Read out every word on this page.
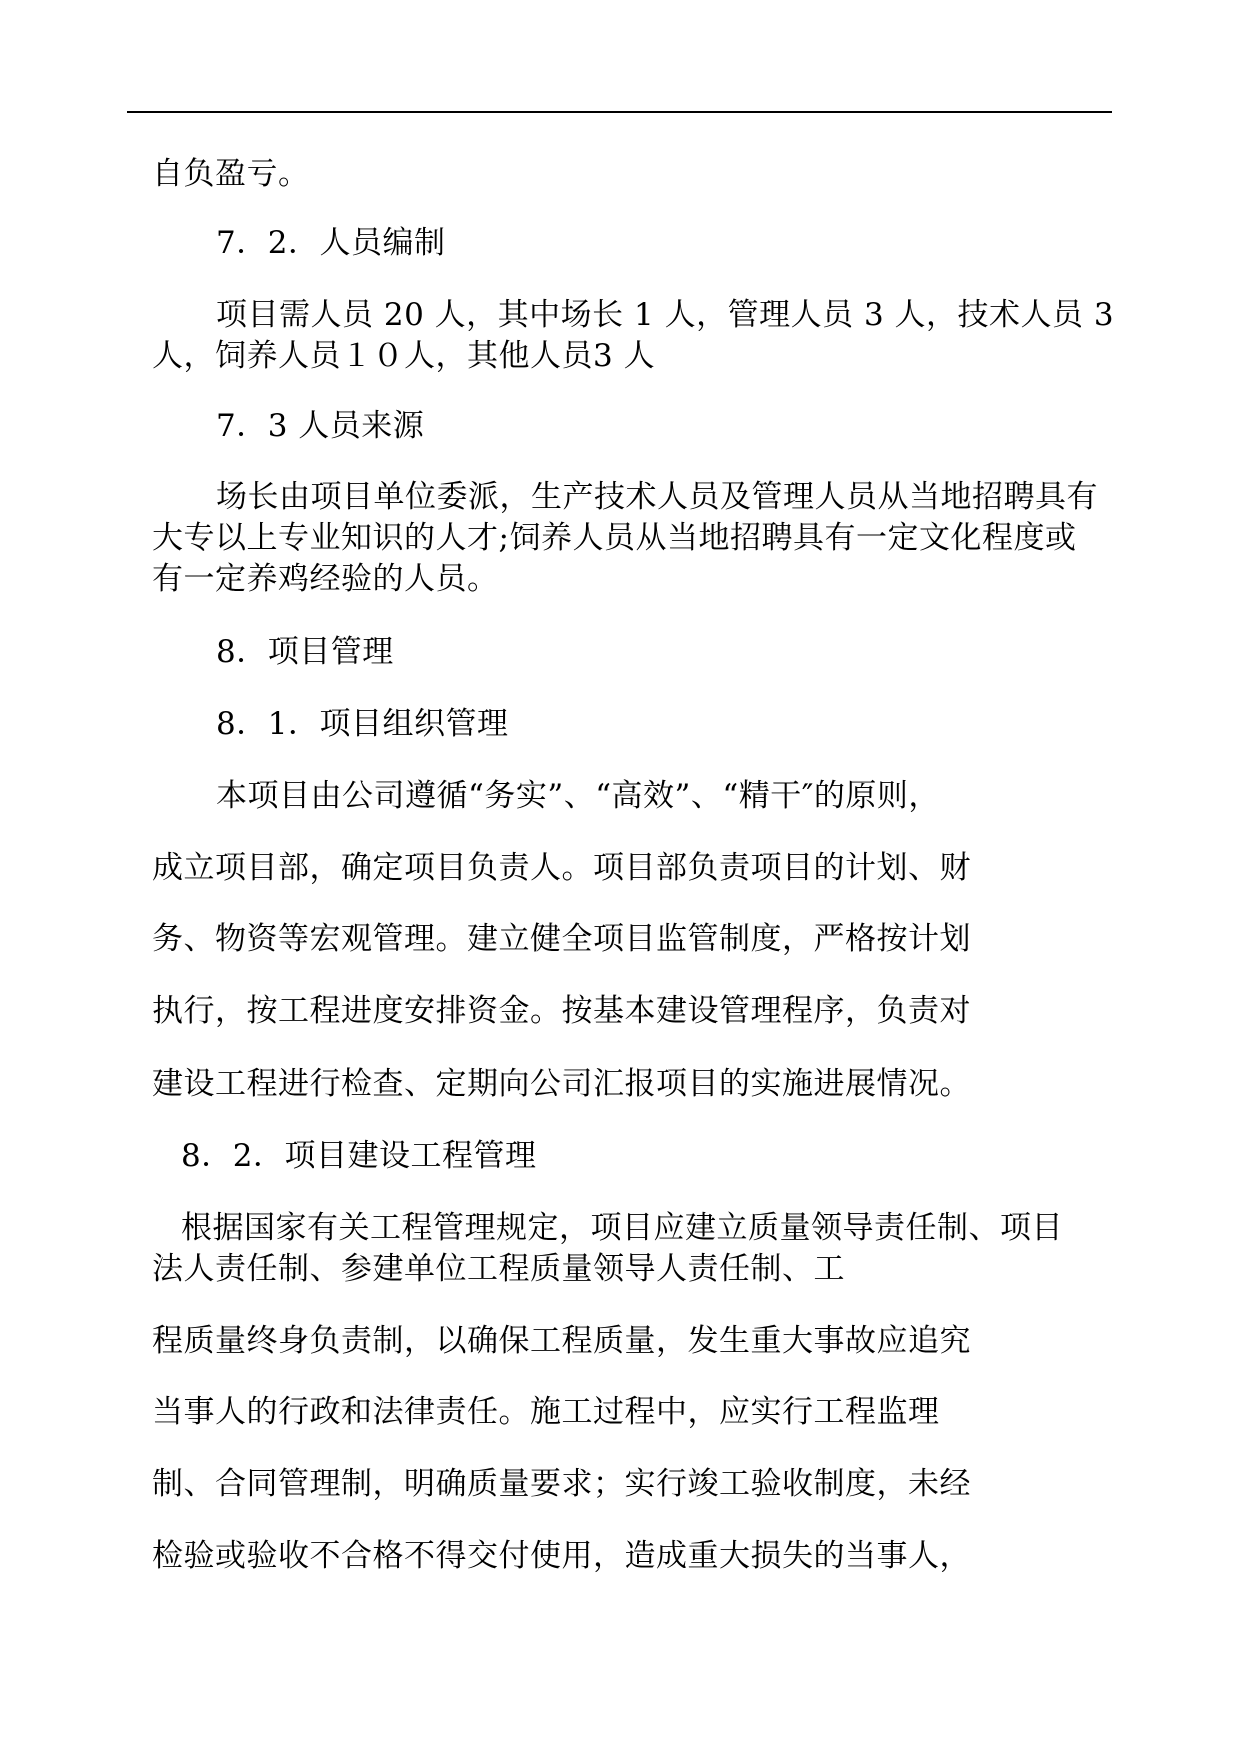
自负盈亏。
7．2．人员编制
项目需人员 20 人，其中场长 1 人，管理人员 3 人，技术人员 3
人，饲养人员１０人，其他人员3 人
7．3 人员来源
场长由项目单位委派，生产技术人员及管理人员从当地招聘具有
大专以上专业知识的人才;饲养人员从当地招聘具有一定文化程度或
有一定养鸡经验的人员。
8．项目管理
8．1．项目组织管理
本项目由公司遵循“务实”、“高效”、“精干″的原则，
成立项目部，确定项目负责人。项目部负责项目的计划、财
务、物资等宏观管理。建立健全项目监管制度，严格按计划
执行，按工程进度安排资金。按基本建设管理程序，负责对
建设工程进行检查、定期向公司汇报项目的实施进展情况。
8．2．项目建设工程管理
根据国家有关工程管理规定，项目应建立质量领导责任制、项目
法人责任制、参建单位工程质量领导人责任制、工
程质量终身负责制，以确保工程质量，发生重大事故应追究
当事人的行政和法律责任。施工过程中，应实行工程监理
制、合同管理制，明确质量要求；实行竣工验收制度，未经
检验或验收不合格不得交付使用，造成重大损失的当事人，
